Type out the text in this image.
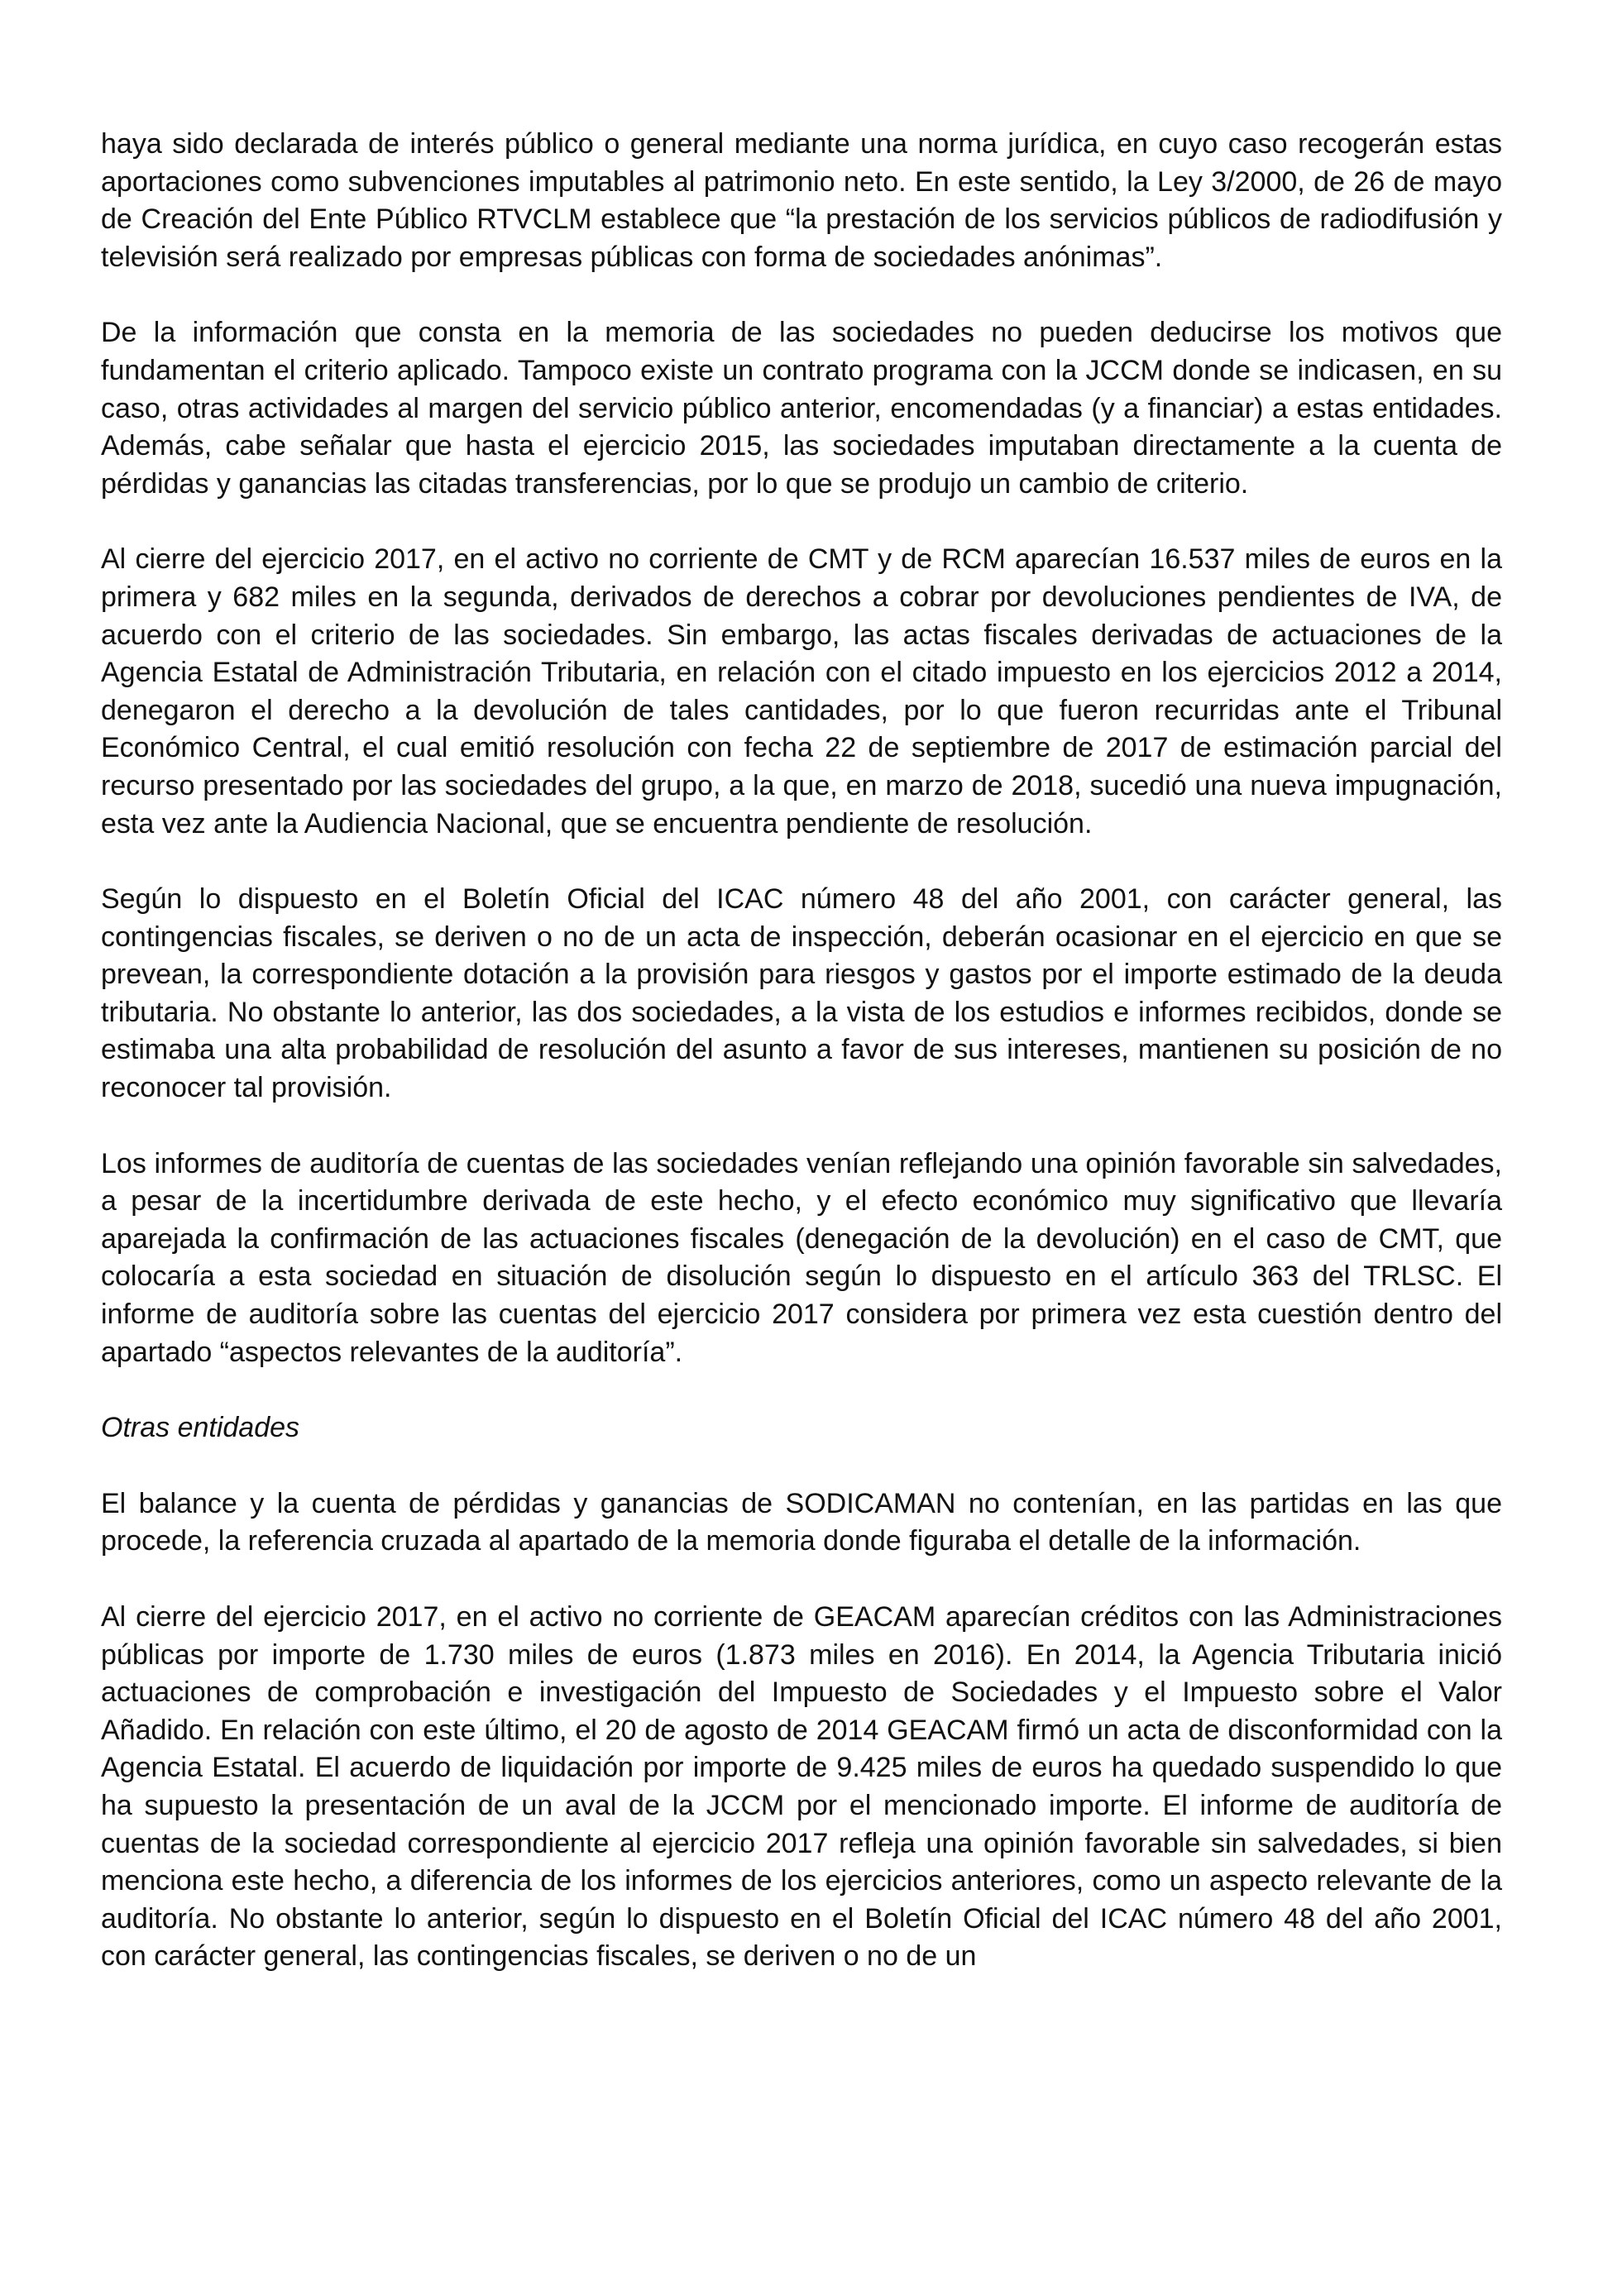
haya sido declarada de interés público o general mediante una norma jurídica, en cuyo caso recogerán estas aportaciones como subvenciones imputables al patrimonio neto. En este sentido, la Ley 3/2000, de 26 de mayo de Creación del Ente Público RTVCLM establece que “la prestación de los servicios públicos de radiodifusión y televisión será realizado por empresas públicas con forma de sociedades anónimas”.

De la información que consta en la memoria de las sociedades no pueden deducirse los motivos que fundamentan el criterio aplicado. Tampoco existe un contrato programa con la JCCM donde se indicasen, en su caso, otras actividades al margen del servicio público anterior, encomendadas (y a financiar) a estas entidades. Además, cabe señalar que hasta el ejercicio 2015, las sociedades imputaban directamente a la cuenta de pérdidas y ganancias las citadas transferencias, por lo que se produjo un cambio de criterio.

Al cierre del ejercicio 2017, en el activo no corriente de CMT y de RCM aparecían 16.537 miles de euros en la primera y 682 miles en la segunda, derivados de derechos a cobrar por devoluciones pendientes de IVA, de acuerdo con el criterio de las sociedades. Sin embargo, las actas fiscales derivadas de actuaciones de la Agencia Estatal de Administración Tributaria, en relación con el citado impuesto en los ejercicios 2012 a 2014, denegaron el derecho a la devolución de tales cantidades, por lo que fueron recurridas ante el Tribunal Económico Central, el cual emitió resolución con fecha 22 de septiembre de 2017 de estimación parcial del recurso presentado por las sociedades del grupo, a la que, en marzo de 2018, sucedió una nueva impugnación, esta vez ante la Audiencia Nacional, que se encuentra pendiente de resolución.

Según lo dispuesto en el Boletín Oficial del ICAC número 48 del año 2001, con carácter general, las contingencias fiscales, se deriven o no de un acta de inspección, deberán ocasionar en el ejercicio en que se prevean, la correspondiente dotación a la provisión para riesgos y gastos por el importe estimado de la deuda tributaria. No obstante lo anterior, las dos sociedades, a la vista de los estudios e informes recibidos, donde se estimaba una alta probabilidad de resolución del asunto a favor de sus intereses, mantienen su posición de no reconocer tal provisión.

Los informes de auditoría de cuentas de las sociedades venían reflejando una opinión favorable sin salvedades, a pesar de la incertidumbre derivada de este hecho, y el efecto económico muy significativo que llevaría aparejada la confirmación de las actuaciones fiscales (denegación de la devolución) en el caso de CMT, que colocaría a esta sociedad en situación de disolución según lo dispuesto en el artículo 363 del TRLSC. El informe de auditoría sobre las cuentas del ejercicio 2017 considera por primera vez esta cuestión dentro del apartado “aspectos relevantes de la auditoría”.

Otras entidades

El balance y la cuenta de pérdidas y ganancias de SODICAMAN no contenían, en las partidas en las que procede, la referencia cruzada al apartado de la memoria donde figuraba el detalle de la información.

Al cierre del ejercicio 2017, en el activo no corriente de GEACAM aparecían créditos con las Administraciones públicas por importe de 1.730 miles de euros (1.873 miles en 2016). En 2014, la Agencia Tributaria inició actuaciones de comprobación e investigación del Impuesto de Sociedades y el Impuesto sobre el Valor Añadido. En relación con este último, el 20 de agosto de 2014 GEACAM firmó un acta de disconformidad con la Agencia Estatal. El acuerdo de liquidación por importe de 9.425 miles de euros ha quedado suspendido lo que ha supuesto la presentación de un aval de la JCCM por el mencionado importe. El informe de auditoría de cuentas de la sociedad correspondiente al ejercicio 2017 refleja una opinión favorable sin salvedades, si bien menciona este hecho, a diferencia de los informes de los ejercicios anteriores, como un aspecto relevante de la auditoría. No obstante lo anterior, según lo dispuesto en el Boletín Oficial del ICAC número 48 del año 2001, con carácter general, las contingencias fiscales, se deriven o no de un
